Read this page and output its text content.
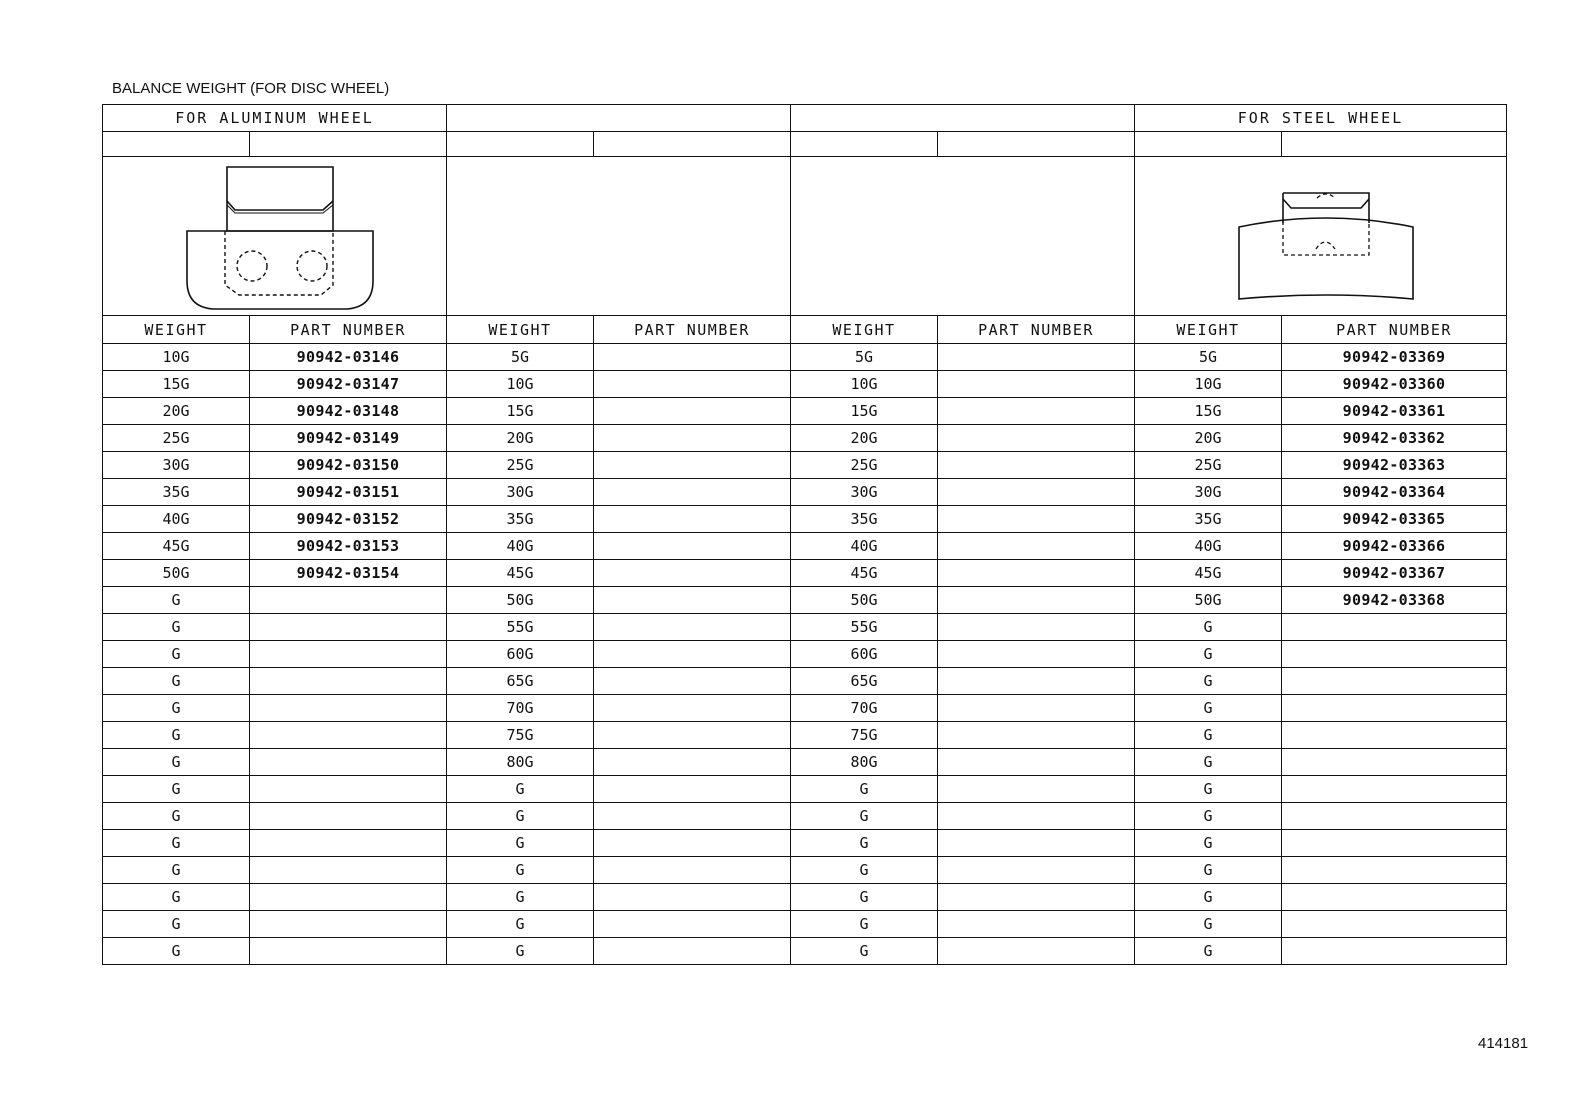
BALANCE WEIGHT (FOR DISC WHEEL)
FOR ALUMINUM WHEEL						FOR STEEL WHEEL	

WEIGHT	PART NUMBER	WEIGHT	PART NUMBER	WEIGHT	PART NUMBER	WEIGHT	PART NUMBER
10G	90942-03146	5G		5G		5G	90942-03369
15G	90942-03147	10G		10G		10G	90942-03360
20G	90942-03148	15G		15G		15G	90942-03361
25G	90942-03149	20G		20G		20G	90942-03362
30G	90942-03150	25G		25G		25G	90942-03363
35G	90942-03151	30G		30G		30G	90942-03364
40G	90942-03152	35G		35G		35G	90942-03365
45G	90942-03153	40G		40G		40G	90942-03366
50G	90942-03154	45G		45G		45G	90942-03367
G		50G		50G		50G	90942-03368
G		55G		55G		G	
G		60G		60G		G	
G		65G		65G		G	
G		70G		70G		G	
G		75G		75G		G	
G		80G		80G		G	
G		G		G		G	
G		G		G		G	
G		G		G		G	
G		G		G		G	
G		G		G		G	
G		G		G		G	
G		G		G		G	
414181
